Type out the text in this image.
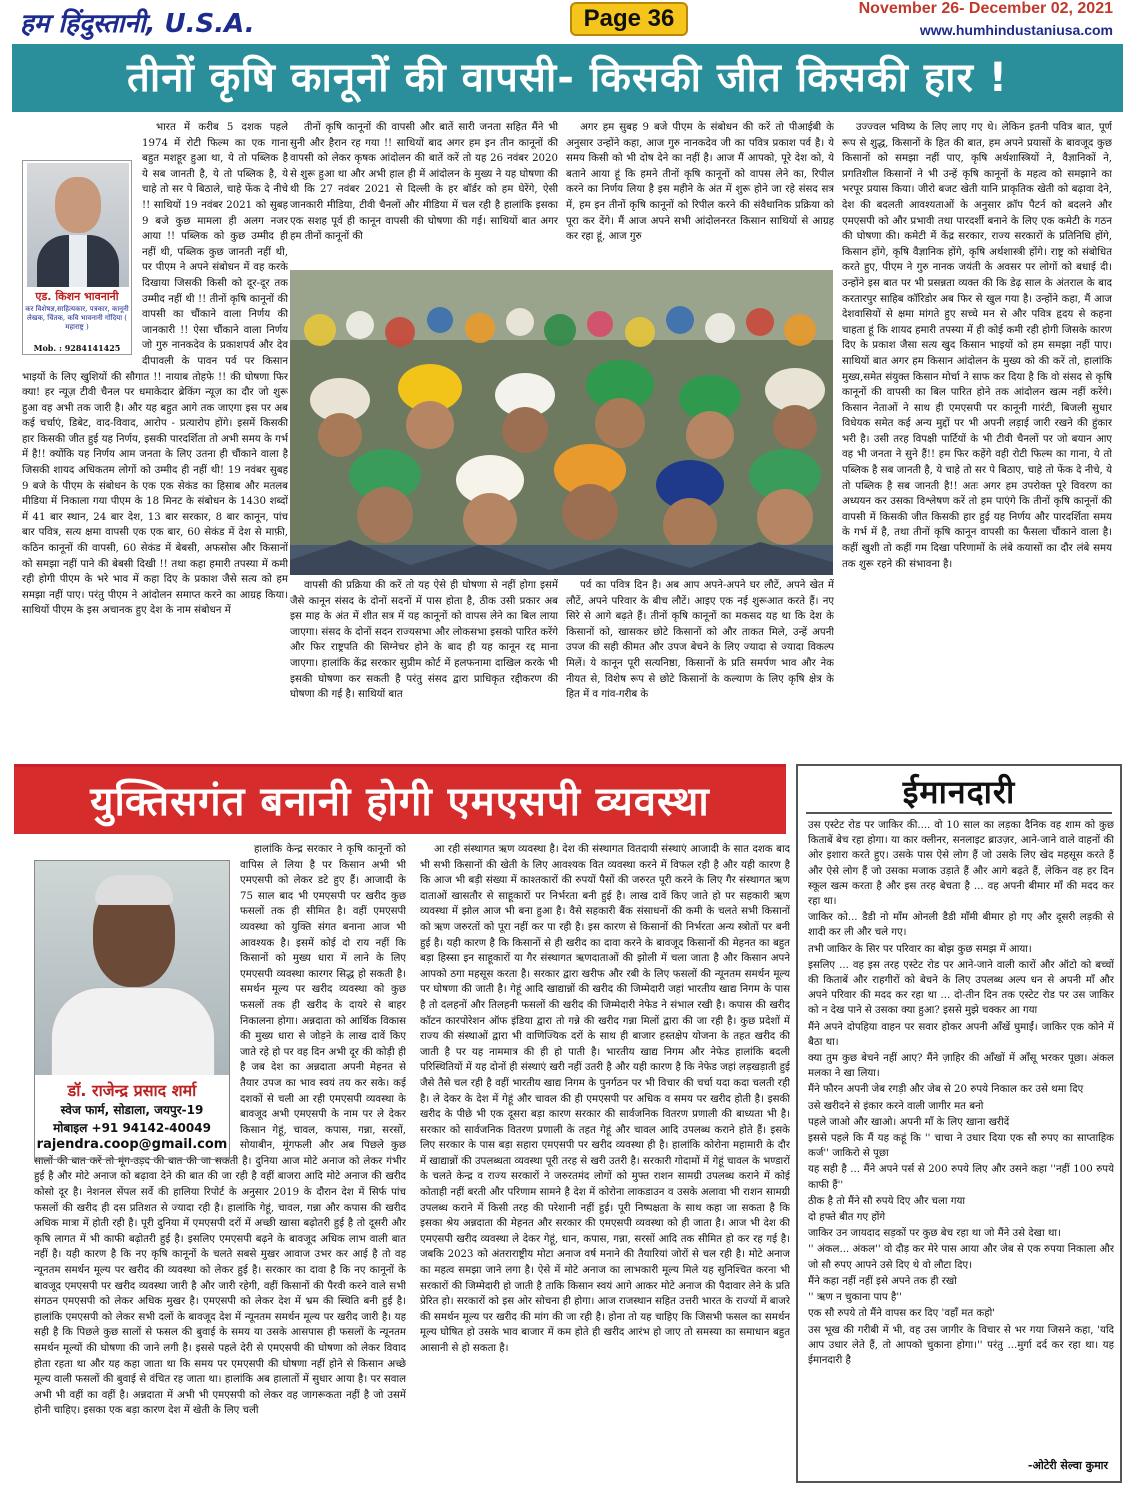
हम हिंदुस्तानी, U.S.A.	Page 36	November 26- December 02, 2021
www.humhindustaniusa.com
तीनों कृषि कानूनों की वापसी- किसकी जीत किसकी हार !

भारत में करीब 5 दशक पहले 1974 में रोटी फिल्म का एक गाना बहुत मशहूर हुआ था, ये तो पब्लिक है ये सब जानती है, ये तो पब्लिक है, ये चाहे तो सर पे बिठाले, चाहे फेंक दे नीचे !! साथियों 19 नवंबर 2021 को सुबह 9 बजे कुछ मामला ही अलग नजर आया !! पब्लिक को कुछ उम्मीद ही नहीं थी, पब्लिक कुछ जानती नहीं थी, पर पीएम ने अपने संबोधन में वह करके दिखाया जिसकी किसी को दूर-दूर तक उम्मीद नहीं थी !! तीनों कृषि कानूनों की वापसी का चौंकाने वाला निर्णय की जानकारी !! ऐसा चौंकाने वाला निर्णय जो गुरु नानकदेव के प्रकाशपर्व और देव दीपावली के पावन पर्व पर किसान भाइयों के लिए खुशियों की सौगात !! नायाब तोहफे !! की घोषणा फिर क्या! हर न्यूज़ टीवी चैनल पर धमाकेदार ब्रेकिंग न्यूज़ का दौर जो शुरू हुआ वह अभी तक जारी है। और यह बहुत आगे तक जाएगा इस पर अब कई चर्चाएं, डिबेट, वाद-विवाद, आरोप - प्रत्यारोप होंगे। इसमें किसकी हार किसकी जीत हुई यह निर्णय, इसकी पारदर्शिता तो अभी समय के गर्भ में है!! क्योंकि यह निर्णय आम जनता के लिए उतना ही चौंकाने वाला है जिसकी शायद अधिकतम लोगों को उम्मीद ही नहीं थी! 19 नवंबर सुबह 9 बजे के पीएम के संबोधन के एक एक सेकंड का हिसाब और मतलब मीडिया में निकाला गया पीएम के 18 मिनट के संबोधन के 1430 शब्दों में 41 बार स्थान, 24 बार देश, 13 बार सरकार, 8 बार कानून, पांच बार पवित्र, सत्य क्षमा वापसी एक एक बार, 60 सेकंड में देश से माफ़ी, कठिन कानूनों की वापसी, 60 सेकंड में बेबसी, अफसोस और किसानों को समझा नहीं पाने की बेबसी दिखी !! तथा कहा हमारी तपस्या में कमी रही होगी पीएम के भरे भाव में कहा दिए के प्रकाश जैसे सत्य को हम समझा नहीं पाए। परंतु पीएम ने आंदोलन समाप्त करने का आग्रह किया। साथियों पीएम के इस अचानक हुए देश के नाम संबोधन में

एड. किशन भावनानी
कर विशेषज्ञ,साहित्यकार, पत्रकार, कानूनी लेखक, चिंतक, कवि भावनानी गोंदिया ( महाराष्ट्र )
Mob. : 9284141425

तीनों कृषि कानूनों की वापसी और बातें सारी जनता सहित मैंने भी सुनी और हैरान रह गया !! साथियों बाद अगर हम इन तीन कानूनों की वापसी को लेकर कृषक आंदोलन की बातें करें तो यह 26 नवंबर 2020 से शुरू हुआ था और अभी हाल ही में आंदोलन के मुख्य ने यह घोषणा की थी कि 27 नवंबर 2021 से दिल्ली के हर बॉर्डर को हम घेरेंगे, ऐसी जानकारी मीडिया, टीवी चैनलों और मीडिया में चल रही है हालांकि इसका एक सशह पूर्व ही कानून वापसी की घोषणा की गई। साथियों बात अगर हम तीनों कानूनों की

अगर हम सुबह 9 बजे पीएम के संबोधन की करें तो पीआईबी के अनुसार उन्होंने कहा, आज गुरु नानकदेव जी का पवित्र प्रकाश पर्व है। ये समय किसी को भी दोष देने का नहीं है। आज मैं आपको, पूरे देश को, ये बताने आया हूं कि हमने तीनों कृषि कानूनों को वापस लेने का, रिपील करने का निर्णय लिया है इस महीने के अंत में शुरू होने जा रहे संसद सत्र में, हम इन तीनों कृषि कानूनों को रिपील करने की संवैधानिक प्रक्रिया को पूरा कर देंगे। मैं आज अपने सभी आंदोलनरत किसान साथियों से आग्रह कर रहा हूं, आज गुरु

उज्ज्वल भविष्य के लिए लाए गए थे। लेकिन इतनी पवित्र बात, पूर्ण रूप से शुद्ध, किसानों के हित की बात, हम अपने प्रयासों के बावजूद कुछ किसानों को समझा नहीं पाए, कृषि अर्थशास्त्रियों ने, वैज्ञानिकों ने, प्रगतिशील किसानों ने भी उन्हें कृषि कानूनों के महत्व को समझाने का भरपूर प्रयास किया। जीरो बजट खेती यानि प्राकृतिक खेती को बढ़ावा देने, देश की बदलती आवश्यताओं के अनुसार क्रॉप पैटर्न को बदलने और एमएसपी को और प्रभावी तथा पारदर्शी बनाने के लिए एक कमेटी के गठन की घोषणा की। कमेटी में केंद्र सरकार, राज्य सरकारों के प्रतिनिधि होंगे, किसान होंगे, कृषि वैज्ञानिक होंगे, कृषि अर्थशास्त्री होंगे। राष्ट्र को संबोधित करते हुए, पीएम ने गुरु नानक जयंती के अवसर पर लोगों को बधाई दी। उन्होंने इस बात पर भी प्रसन्नता व्यक्त की कि डेढ़ साल के अंतराल के बाद करतारपुर साहिब कॉरिडोर अब फिर से खुल गया है। उन्होंने कहा, मैं आज देशवासियों से क्षमा मांगते हुए सच्चे मन से और पवित्र हृदय से कहना चाहता हूं कि शायद हमारी तपस्या में ही कोई कमी रही होगी जिसके कारण दिए के प्रकाश जैसा सत्य खुद किसान भाइयों को हम समझा नहीं पाए। साथियों बात अगर हम किसान आंदोलन के मुख्य को की करें तो, हालांकि मुख्य,समेत संयुक्त किसान मोर्चा ने साफ कर दिया है कि वो संसद से कृषि कानूनों की वापसी का बिल पारित होने तक आंदोलन खत्म नहीं करेंगे। किसान नेताओं ने साथ ही एमएसपी पर कानूनी गारंटी, बिजली सुधार विधेयक समेत कई अन्य मुद्दों पर भी अपनी लड़ाई जारी रखने की हुंकार भरी है। उसी तरह विपक्षी पार्टियों के भी टीवी चैनलों पर जो बयान आए वह भी जनता ने सुने हैं!! हम फिर कहेंगे वही रोटी फिल्म का गाना, ये तो पब्लिक है सब जानती है, ये चाहे तो सर पे बिठाए, चाहे तो फेंक दे नीचे, ये तो पब्लिक है सब जानती है!! अतः अगर हम उपरोक्त पूरे विवरण का अध्ययन कर उसका विश्लेषण करें तो हम पाएंगे कि तीनों कृषि कानूनों की वापसी में किसकी जीत किसकी हार हुई यह निर्णय और पारदर्शिता समय के गर्भ में है, तथा तीनों कृषि कानून वापसी का फैसला चौंकाने वाला है। कहीं खुशी तो कहीं गम दिखा परिणामों के लंबे कयासों का दौर लंबे समय तक शुरू रहने की संभावना है।

वापसी की प्रक्रिया की करें तो यह ऐसे ही घोषणा से नहीं होगा इसमें जैसे कानून संसद के दोनों सदनों में पास होता है, ठीक उसी प्रकार अब इस माह के अंत में शीत सत्र में यह कानूनों को वापस लेने का बिल लाया जाएगा। संसद के दोनों सदन राज्यसभा और लोकसभा इसको पारित करेंगे और फिर राष्ट्रपति की सिग्नेचर होने के बाद ही यह कानून रद्द माना जाएगा। हालांकि केंद्र सरकार सुप्रीम कोर्ट में हलफनामा दाखिल करके भी इसकी घोषणा कर सकती है परंतु संसद द्वारा प्राधिकृत रद्दीकरण की घोषणा की गई है। साथियों बात

पर्व का पवित्र दिन है। अब आप अपने-अपने घर लौटें, अपने खेत में लौटें, अपने परिवार के बीच लौटें। आइए एक नई शुरूआत करते हैं। नए सिरे से आगे बढ़ते हैं। तीनों कृषि कानूनों का मकसद यह था कि देश के किसानों को, खासकर छोटे किसानों को और ताकत मिले, उन्हें अपनी उपज की सही कीमत और उपज बेचने के लिए ज्यादा से ज्यादा विकल्प मिलें। ये कानून पूरी सत्यनिष्ठा, किसानों के प्रति समर्पण भाव और नेक नीयत से, विशेष रूप से छोटे किसानों के कल्याण के लिए कृषि क्षेत्र के हित में व गांव-गरीब के

युक्तिसगंत बनानी होगी एमएसपी व्यवस्था

हालांकि केन्द्र सरकार ने कृषि कानूनों को वापिस ले लिया है पर किसान अभी भी एमएसपी को लेकर डटे हुए हैं। आजादी के 75 साल बाद भी एमएसपी पर खरीद कुछ फसलों तक ही सीमित है। वहीं एमएसपी व्यवस्था को युक्ति संगत बनाना आज भी आवश्यक है। इसमें कोई दो राय नहीं कि किसानों को मुख्य धारा में लाने के लिए एमएसपी व्यवस्था कारगर सिद्ध हो सकती है। समर्थन मूल्य पर खरीद व्यवस्था को कुछ फसलों तक ही खरीद के दायरे से बाहर निकालना होगा। अन्नदाता को आर्थिक विकास की मुख्य धारा से जोड़ने के लाख दावें किए जाते रहे हो पर वह दिन अभी दूर की कोड़ी ही है जब देश का अन्नदाता अपनी मेहनत से तैयार उपज का भाव स्वयं तय कर सके। कई दशकों से चली आ रही एमएसपी व्यवस्था के बावजूद अभी एमएसपी के नाम पर ले देकर किसान गेहूं, चावल, कपास, गन्ना, सरसों, सोयाबीन, मूंगफली और अब पिछले कुछ सालों की बात करें तो मूंग-उड़द की बात की जा सकती है। दुनिया आज मोटे अनाज को लेकर गंभीर हुई है और मोटे अनाज को बढ़ावा देने की बात की जा रही है वहीं बाजरा आदि मोटे अनाज की खरीद कोसो दूर है। नेशनल सेंपल सर्वे की हालिया रिपोर्ट के अनुसार 2019 के दौरान देश में सिर्फ पांच फसलों की खरीद ही दस प्रतिशत से ज्यादा रही है। हालांकि गेहूं, चावल, गन्ना और कपास की खरीद अधिक मात्रा में होती रही है। पूरी दुनिया में एमएसपी दरों में अच्छी खासा बढ़ोतरी हुई है तो दूसरी और कृषि लागत में भी काफी बढ़ोतरी हुई है। इसलिए एमएसपी बढ़ने के बावजूद अधिक लाभ वाली बात नहीं है। यही कारण है कि नए कृषि कानूनों के चलते सबसे मुखर आवाज उभर कर आई है तो वह न्यूनतम समर्थन मूल्य पर खरीद की व्यवस्था को लेकर हुई है। सरकार का दावा है कि नए कानूनों के बावजूद एमएसपी पर खरीद व्यवस्था जारी है और जारी रहेगी, वहीं किसानों की पैरवी करने वाले सभी संगठन एमएसपी को लेकर अधिक मुखर है। एमएसपी को लेकर देश में भ्रम की स्थिति बनी हुई है। हालांकि एमएसपी को लेकर सभी दलों के बावजूद देश में न्यूनतम समर्थन मूल्य पर खरीद जारी है। यह सही है कि पिछले कुछ सालों से फसल की बुवाई के समय या उसके आसपास ही फसलों के न्यूनतम समर्थन मूल्यों की घोषणा की जाने लगी है। इससे पहले देरी से एमएसपी की घोषणा को लेकर विवाद होता रहता था और यह कहा जाता था कि समय पर एमएसपी की घोषणा नहीं होने से किसान अच्छे मूल्य वाली फसलों की बुवाई से वंचित रह जाता था। हालांकि अब हालातों में सुधार आया है। पर सवाल अभी भी वहीं का वहीं है। अन्नदाता में अभी भी एमएसपी को लेकर वह जागरूकता नहीं है जो उसमें होनी चाहिए। इसका एक बड़ा कारण देश में खेती के लिए चली

डॉ. राजेन्द्र प्रसाद शर्मा
स्वेज फार्म, सोडाला, जयपुर-19
मोबाइल +91 94142-40049
rajendra.coop@gmail.com

आ रही संस्थागत ऋण व्यवस्था है। देश की संस्थागत वितदायी संस्थाएं आजादी के सात दशक बाद भी सभी किसानों की खेती के लिए आवश्यक वित व्यवस्था करने में विफल रही है और यही कारण है कि आज भी बड़ी संख्या में काश्तकारों की रुपयों पैसों की जरुरत पूरी करने के लिए गैर संस्थागत ऋण दाताओं खासतौर से साहूकारों पर निर्भरता बनी हुई है। लाख दावें किए जाते हो पर सहकारी ऋण व्यवस्था में झोल आज भी बना हुआ है। वैसे सहकारी बैंक संसाधनों की कमी के चलते सभी किसानों को ऋण जरुरतों को पूरा नहीं कर पा रही है। इस कारण से किसानों की निर्भरता अन्य स्त्रोतों पर बनी हुई है। यही कारण है कि किसानों से ही खरीद का दावा करने के बावजूद किसानों की मेहनत का बहुत बड़ा हिस्सा इन साहूकारों या गैर संस्थागत ऋणदाताओं की झोली में चला जाता है और किसान अपने आपको ठगा महसूस करता है। सरकार द्वारा खरीफ और रबी के लिए फसलों की न्यूनतम समर्थन मूल्य पर घोषणा की जाती है। गेहूं आदि खाद्यान्नों की खरीद की जिम्मेदारी जहां भारतीय खाद्य निगम के पास है तो दलहनों और तिलहनी फसलों की खरीद की जिम्मेदारी नेफेड ने संभाल रखी है। कपास की खरीद कॉटन कारपोरेशन ऑफ इंडिया द्वारा तो गन्ने की खरीद गन्ना मिलों द्वारा की जा रही है। कुछ प्रदेशों में राज्य की संस्थाओं द्वारा भी वाणिज्यिक दरों के साथ ही बाजार हस्तक्षेप योजना के तहत खरीद की जाती है पर यह नाममात्र की ही हो पाती है। भारतीय खाद्य निगम और नेफेड हालांकि बदली परिस्थितियों में यह दोनों ही संस्थाएं खरी नहीं उतरी है और यही कारण है कि नेफेड जहां लड़खड़ाती हुई जैसे तैसे चल रही है वहीं भारतीय खाद्य निगम के पुनर्गठन पर भी विचार की चर्चा यदा कदा चलती रही है। ले देकर के देश में गेहूं और चावल की ही एमएसपी पर अधिक व समय पर खरीद होती है। इसकी खरीद के पीछे भी एक दूसरा बड़ा कारण सरकार की सार्वजनिक वितरण प्रणाली की बाध्यता भी है। सरकार को सार्वजनिक वितरण प्रणाली के तहत गेहूं और चावल आदि उपलब्ध कराने होते हैं। इसके लिए सरकार के पास बड़ा सहारा एमएसपी पर खरीद व्यवस्था ही है। हालांकि कोरोना महामारी के दौर में खाद्यान्नों की उपलब्धता व्यवस्था पूरी तरह से खरी उतरी है। सरकारी गोदामों में गेहूं चावल के भण्डारों के चलते केन्द्र व राज्य सरकारों ने जरुरतमंद लोगों को मुफ्त राशन सामग्री उपलब्ध कराने में कोई कोताही नहीं बरती और परिणाम सामने है देश में कोरोना लाकडाउन व उसके अलावा भी राशन सामग्री उपलब्ध कराने में किसी तरह की परेशानी नहीं हुई। पूरी निष्पक्षता के साथ कहा जा सकता है कि इसका श्रेय अन्नदाता की मेहनत और सरकार की एमएसपी व्यवस्था को ही जाता है। आज भी देश की एमएसपी खरीद व्यवस्था ले देकर गेहूं, धान, कपास, गन्ना, सरसों आदि तक सीमित हो कर रह गई है। जबकि 2023 को अंतराराष्ट्रीय मोटा अनाज वर्ष मनाने की तैयारियां जोरों से चल रही है। मोटे अनाज का महत्व समझा जाने लगा है। ऐसे में मोटे अनाज का लाभकारी मूल्य मिले यह सुनिश्चित करना भी सरकारों की जिम्मेदारी हो जाती है ताकि किसान स्वयं आगे आकर मोटे अनाज की पैदावार लेने के प्रति प्रेरित हो। सरकारों को इस ओर सोचना ही होगा। आज राजस्थान सहित उत्तरी भारत के राज्यों में बाजरे की समर्थन मूल्य पर खरीद की मांग की जा रही है। होना तो यह चाहिए कि जिसभी फसल का समर्थन मूल्य घोषित हो उसके भाव बाजार में कम होते ही खरीद आरंभ हो जाए तो समस्या का समाधान बहुत आसानी से हो सकता है।

ईमानदारी

उस एस्टेट रोड पर जाकिर की.... वो 10 साल का लड़का दैनिक वह शाम को कुछ किताबें बेच रहा होगा। या कार क्लीनर, सनलाइट ब्राउज़र, आने-जाने वाले वाहनों की ओर इशारा करते हुए। उसके पास ऐसे लोग हैं जो उसके लिए खेद महसूस करते हैं और ऐसे लोग हैं जो उसका मजाक उड़ाते हैं और आगे बढ़ते हैं, लेकिन वह हर दिन स्कूल खत्म करता है और इस तरह बेचता है ... वह अपनी बीमार माँ की मदद कर रहा था।

जाकिर को... डैडी नो माँम ओनली डैडी माँमी बीमार हो गए और दूसरी लड़की से शादी कर ली और चले गए।

तभी जाकिर के सिर पर परिवार का बोझ कुछ समझ में आया।

इसलिए ... वह इस तरह एस्टेट रोड पर आने-जाने वाली कारों और ऑटो को बच्चों की किताबें और राहगीरों को बेचने के लिए उपलब्ध अल्प धन से अपनी माँ और अपने परिवार की मदद कर रहा था ... दो-तीन दिन तक एस्टेट रोड पर उस जाकिर को न देख पाने से उसका क्या हुआ? इससे मुझे चक्कर आ गया

मैंने अपने दोपहिया वाहन पर सवार होकर अपनी आँखें घुमाईं। जाकिर एक कोने में बैठा था।

क्या तुम कुछ बेचने नहीं आए? मैंने ज़ाहिर की आँखों में आँसू भरकर पूछा। अंकल मलका ने खा लिया।

मैंने फौरन अपनी जेब रगड़ी और जेब से 20 रुपये निकाल कर उसे थमा दिए

उसे खरीदने से इंकार करने वाली जागीर मत बनो

पहले जाओ और खाओ। अपनी माँ के लिए खाना खरीदें

इससे पहले कि मैं यह कहूं कि '' चाचा ने उधार दिया एक सौ रुपए का साप्ताहिक कर्ज'' जाकिरो से पूछा

यह सही है ... मैंने अपने पर्स से 200 रुपये लिए और उसने कहा ''नहीं 100 रुपये काफी हैं''

ठीक है तो मैंने सौ रुपये दिए और चला गया

दो हफ्ते बीत गए होंगे

जाकिर उन जायदाद सड़कों पर कुछ बेच रहा था जो मैंने उसे देखा था।

'' अंकल... अंकल'' वो दौड़ कर मेरे पास आया और जेब से एक रुपया निकाला और जो सौ रुपए आपने उसे दिए थे वो लौटा दिए।

मैंने कहा नहीं नहीं इसे अपने तक ही रखो

'' ऋण न चुकाना पाप है''

एक सौ रुपये तो मैंने वापस कर दिए 'वहाँ मत कहो'

उस भूख की गरीबी में भी, वह उस जागीर के विचार से भर गया जिसने कहा, 'यदि आप उधार लेते हैं, तो आपको चुकाना होगा।'' परंतु ...मुर्गा दर्द कर रहा था। यह ईमानदारी है

-ओटेरी सेल्वा कुमार
